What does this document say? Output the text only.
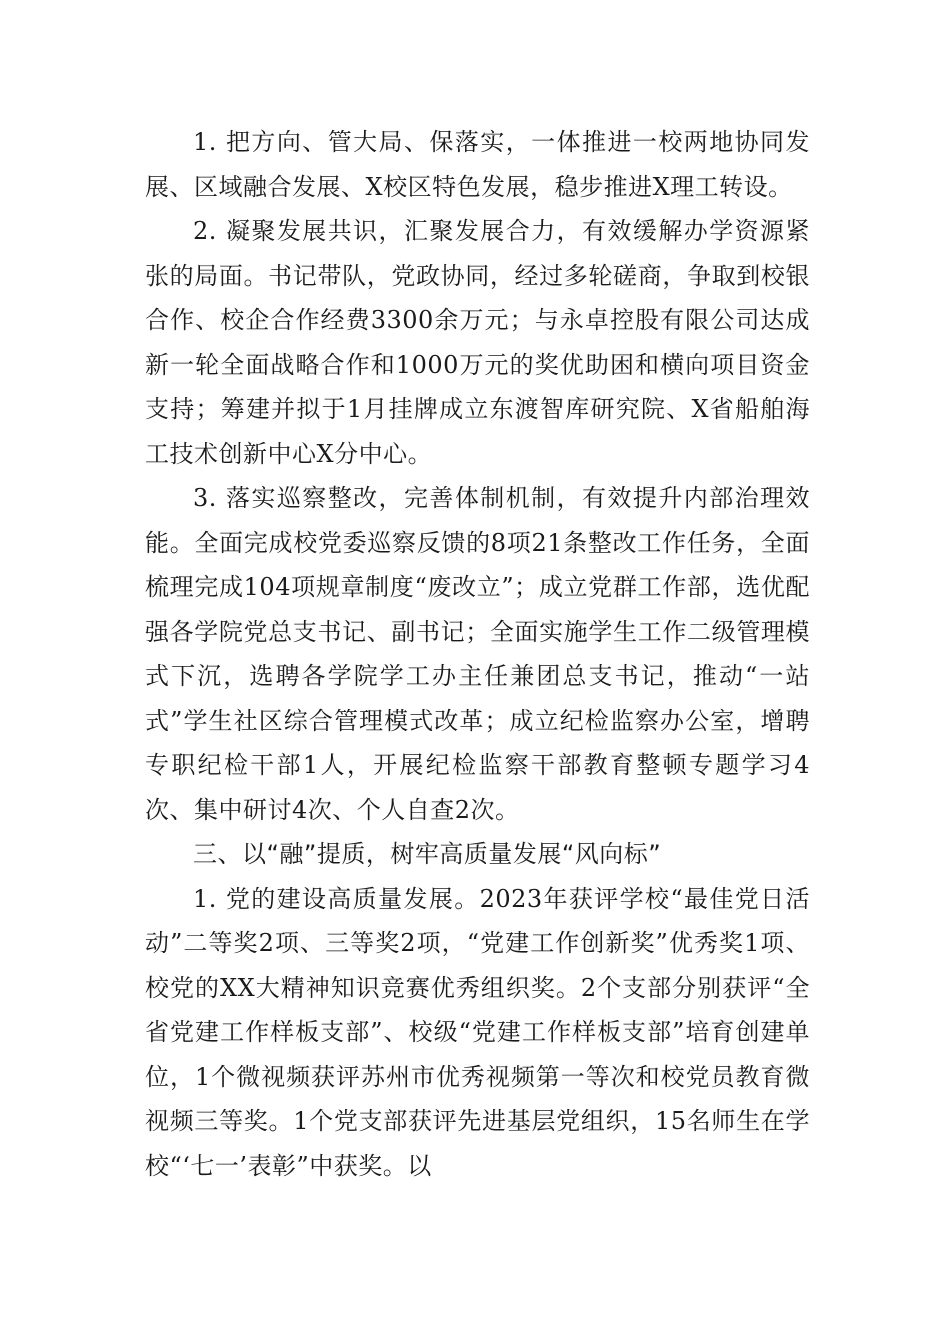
1. 把方向、管大局、保落实，一体推进一校两地协同发展、区域融合发展、X校区特色发展，稳步推进X理工转设。

2. 凝聚发展共识，汇聚发展合力，有效缓解办学资源紧张的局面。书记带队，党政协同，经过多轮磋商，争取到校银合作、校企合作经费3300余万元；与永卓控股有限公司达成新一轮全面战略合作和1000万元的奖优助困和横向项目资金支持；筹建并拟于1月挂牌成立东渡智库研究院、X省船舶海工技术创新中心X分中心。

3. 落实巡察整改，完善体制机制，有效提升内部治理效能。全面完成校党委巡察反馈的8项21条整改工作任务，全面梳理完成104项规章制度“废改立”；成立党群工作部，选优配强各学院党总支书记、副书记；全面实施学生工作二级管理模式下沉，选聘各学院学工办主任兼团总支书记，推动“一站式”学生社区综合管理模式改革；成立纪检监察办公室，增聘专职纪检干部1人，开展纪检监察干部教育整顿专题学习4次、集中研讨4次、个人自查2次。

三、以“融”提质，树牢高质量发展“风向标”

1. 党的建设高质量发展。2023年获评学校“最佳党日活动”二等奖2项、三等奖2项，“党建工作创新奖”优秀奖1项、校党的XX大精神知识竞赛优秀组织奖。2个支部分别获评“全省党建工作样板支部”、校级“党建工作样板支部”培育创建单位，1个微视频获评苏州市优秀视频第一等次和校党员教育微视频三等奖。1个党支部获评先进基层党组织，15名师生在学校“‘七一’表彰”中获奖。以
